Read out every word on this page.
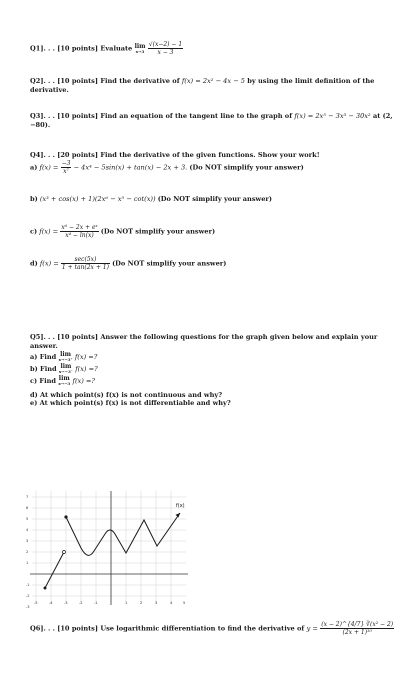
Q1]. . . [10 points] Evaluate lim
x→3
$\frac{√(x-2) - 1}{x - 3}$
Q2]. . . [10 points] Find the derivative of f(x) = 2x² − 4x − 5 by using the limit definition of the derivative.
Q3]. . . [10 points] Find an equation of the tangent line to the graph of f(x) = 2x⁵ − 3x³ − 30x² at (2, −80).
Q4]. . . [20 points] Find the derivative of the given functions. Show your work!
a) $f(x) = \frac{-3}{\text{x⁷}} - 4x^4 - 5\sin(x) + \tan(x) - 2x + 3$. (Do NOT simplify your answer)
b) (x³ + cos(x) + 1)(2x⁶ − x⁵ − cot(x)) (Do NOT simplify your answer)
c) $f(x) = \frac{\text{x⁶ − 2x + eˣ}}{\text{x⁴ − ln(x)}} (Do$ NOT simplify your answer)
d) $f(x) = \frac{\sec(5x)}{1 + \tan(2x + 1)} (Do$ NOT simplify your answer)
Q5]. . . [10 points] Answer the following questions for the graph given below and explain your answer.
a) Find lim
x→−3⁺ f(x) =?
b) Find lim
x→−3⁻ f(x) =?
c) Find lim
x→−3 f(x) =?
d) At which point(s) f(x) is not continuous and why?
e) At which point(s) f(x) is not differentiable and why?
-5	-4	-3	-2	-1	1	2	3	4	5
7
6
5
4
3
2
1
-1
-2
-3
f(x)
Q6]. . . [10 points] Use logarithmic differentiation to find the derivative of $y = \frac{\text{(x − 2)\textasciicircum{}\{4/7\} ∛(x² − 2)}}{\text{(2x + 1)¹⁰}}$
